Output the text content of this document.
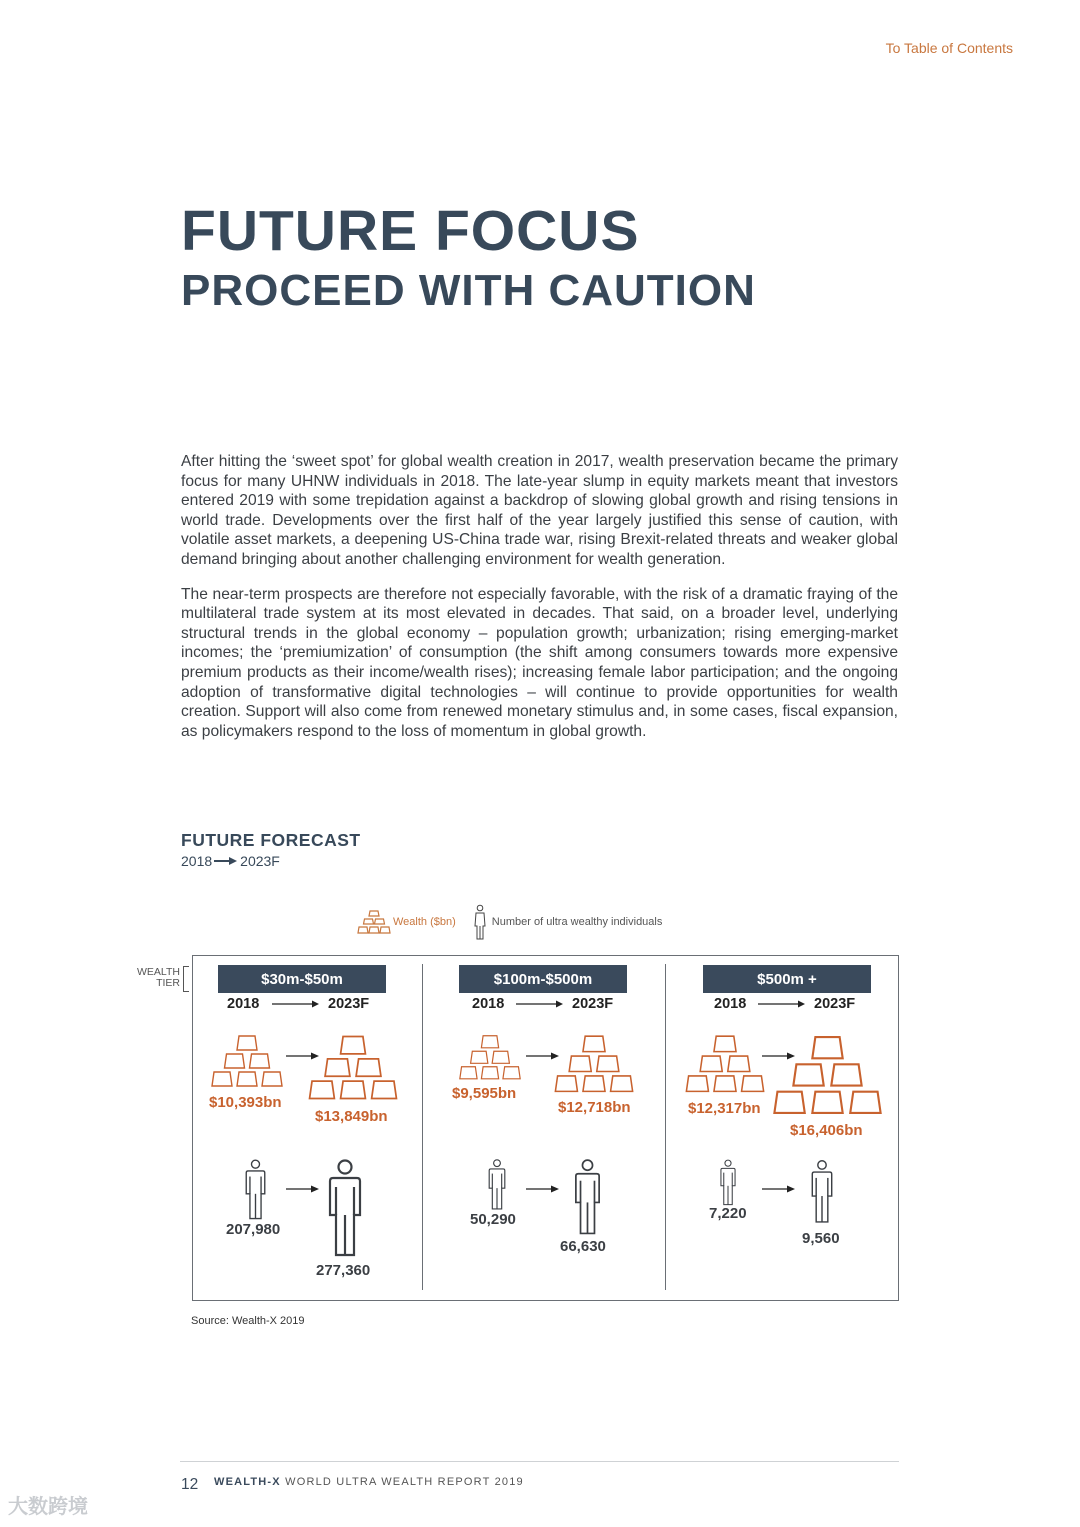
To Table of Contents
FUTURE FOCUS
PROCEED WITH CAUTION

After hitting the ‘sweet spot’ for global wealth creation in 2017, wealth preservation became the primary focus for many UHNW individuals in 2018. The late-year slump in equity markets meant that investors entered 2019 with some trepidation against a backdrop of slowing global growth and rising tensions in world trade. Developments over the first half of the year largely justified this sense of caution, with volatile asset markets, a deepening US-China trade war, rising Brexit-related threats and weaker global demand bringing about another challenging environment for wealth generation.

The near-term prospects are therefore not especially favorable, with the risk of a dramatic fraying of the multilateral trade system at its most elevated in decades. That said, on a broader level, underlying structural trends in the global economy – population growth; urbanization; rising emerging-market incomes; the ‘premiumization’ of consumption (the shift among consumers towards more expensive premium products as their income/wealth rises); increasing female labor participation; and the ongoing adoption of transformative digital technologies – will continue to provide opportunities for wealth creation. Support will also come from renewed monetary stimulus and, in some cases, fiscal expansion, as policymakers respond to the loss of momentum in global growth.

FUTURE FORECAST
2018 2023F
Wealth ($bn)	Number of ultra wealthy individuals
WEALTH
TIER	$30m-$50m
2018	2023F
$10,393bn
$13,849bn
207,980
277,360
$100m-$500m
2018	2023F
$9,595bn
$12,718bn
50,290
66,630
$500m +
2018	2023F
$12,317bn
$16,406bn
7,220
9,560
Source: Wealth-X 2019
12 WEALTH-X WORLD ULTRA WEALTH REPORT 2019
大数跨境
